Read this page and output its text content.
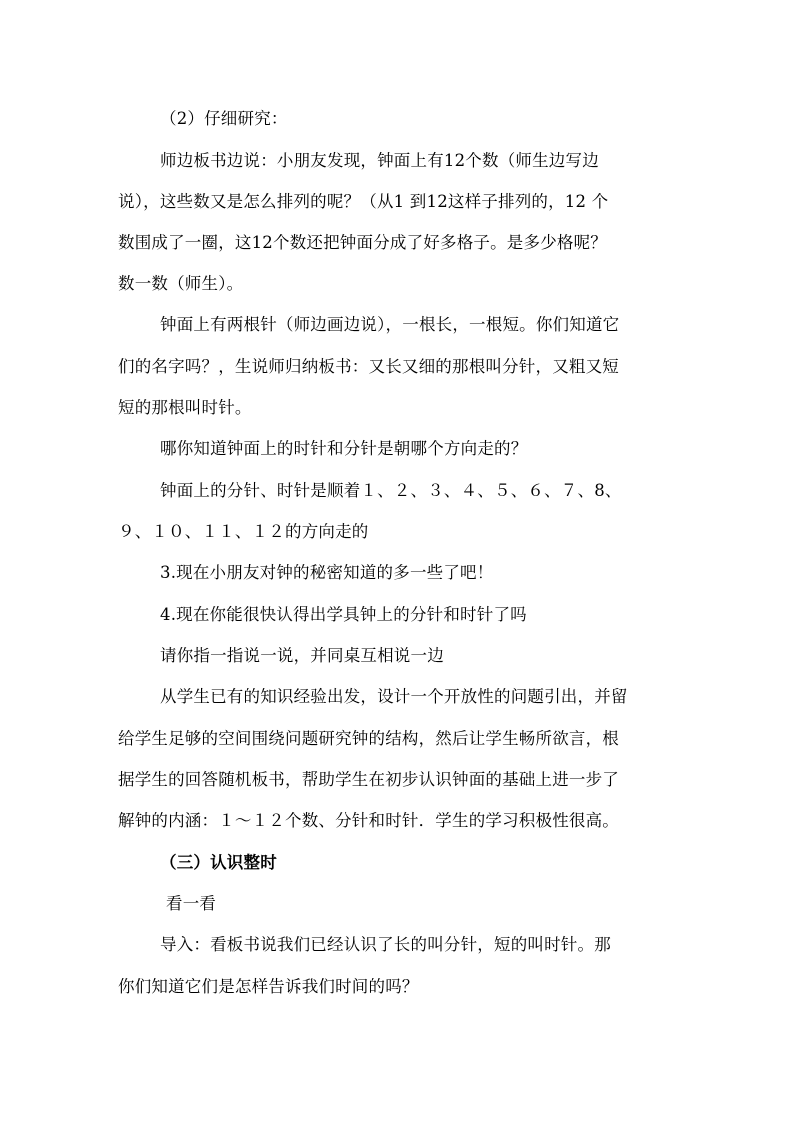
（2）仔细研究：
师边板书边说：小朋友发现，钟面上有12个数（师生边写边
说），这些数又是怎么排列的呢？（从1 到12这样子排列的，12 个
数围成了一圈，这12个数还把钟面分成了好多格子。是多少格呢？
数一数（师生）。
钟面上有两根针（师边画边说），一根长，一根短。你们知道它
们的名字吗？，生说师归纳板书：又长又细的那根叫分针，又粗又短
短的那根叫时针。
哪你知道钟面上的时针和分针是朝哪个方向走的？
钟面上的分针、时针是顺着１、２、３、４、５、６、７、8、
９、１０、１１、１２的方向走的
3.现在小朋友对钟的秘密知道的多一些了吧！
4.现在你能很快认得出学具钟上的分针和时针了吗
请你指一指说一说，并同桌互相说一边
从学生已有的知识经验出发，设计一个开放性的问题引出，并留
给学生足够的空间围绕问题研究钟的结构，然后让学生畅所欲言，根
据学生的回答随机板书，帮助学生在初步认识钟面的基础上进一步了
解钟的内涵：１～１２个数、分针和时针．学生的学习积极性很高。
（三）认识整时
看一看
导入：看板书说我们已经认识了长的叫分针，短的叫时针。那
你们知道它们是怎样告诉我们时间的吗？
